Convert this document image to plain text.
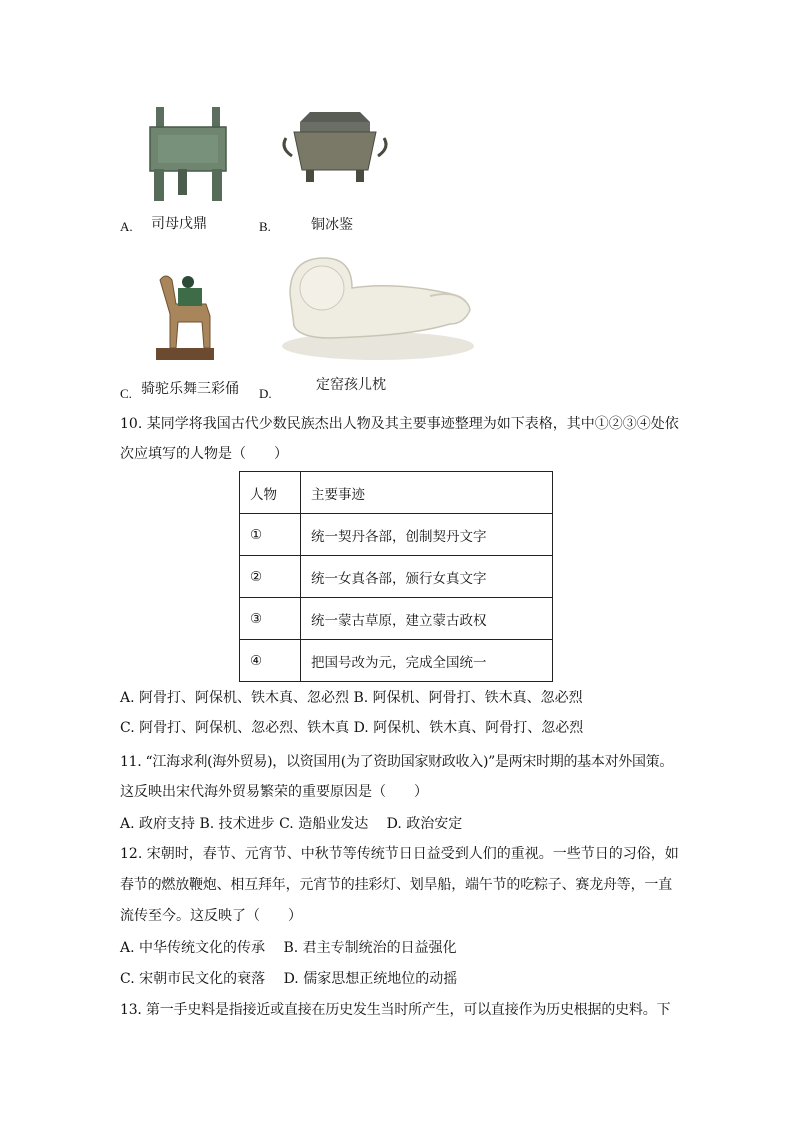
A. 司母戊鼎	B.	铜冰鉴
C. 骑驼乐舞三彩俑 D.
定窑孩儿枕
10. 某同学将我国古代少数民族杰出人物及其主要事迹整理为如下表格，其中①②③④处依
次应填写的人物是（　　）
人物	主要事迹
①	统一契丹各部，创制契丹文字
②	统一女真各部，颁行女真文字
③	统一蒙古草原，建立蒙古政权
④	把国号改为元，完成全国统一
A. 阿骨打、阿保机、铁木真、忽必烈 B. 阿保机、阿骨打、铁木真、忽必烈
C. 阿骨打、阿保机、忽必烈、铁木真 D. 阿保机、铁木真、阿骨打、忽必烈
11. “江海求利(海外贸易)，以资国用(为了资助国家财政收入)”是两宋时期的基本对外国策。
这反映出宋代海外贸易繁荣的重要原因是（　　）
A. 政府支持 B. 技术进步 C. 造船业发达　 D. 政治安定
12. 宋朝时，春节、元宵节、中秋节等传统节日日益受到人们的重视。一些节日的习俗，如
春节的燃放鞭炮、相互拜年，元宵节的挂彩灯、划旱船，端午节的吃粽子、赛龙舟等，一直
流传至今。这反映了（　　）
A. 中华传统文化的传承　 B. 君主专制统治的日益强化
C. 宋朝市民文化的衰落　 D. 儒家思想正统地位的动摇
13. 第一手史料是指接近或直接在历史发生当时所产生，可以直接作为历史根据的史料。下
